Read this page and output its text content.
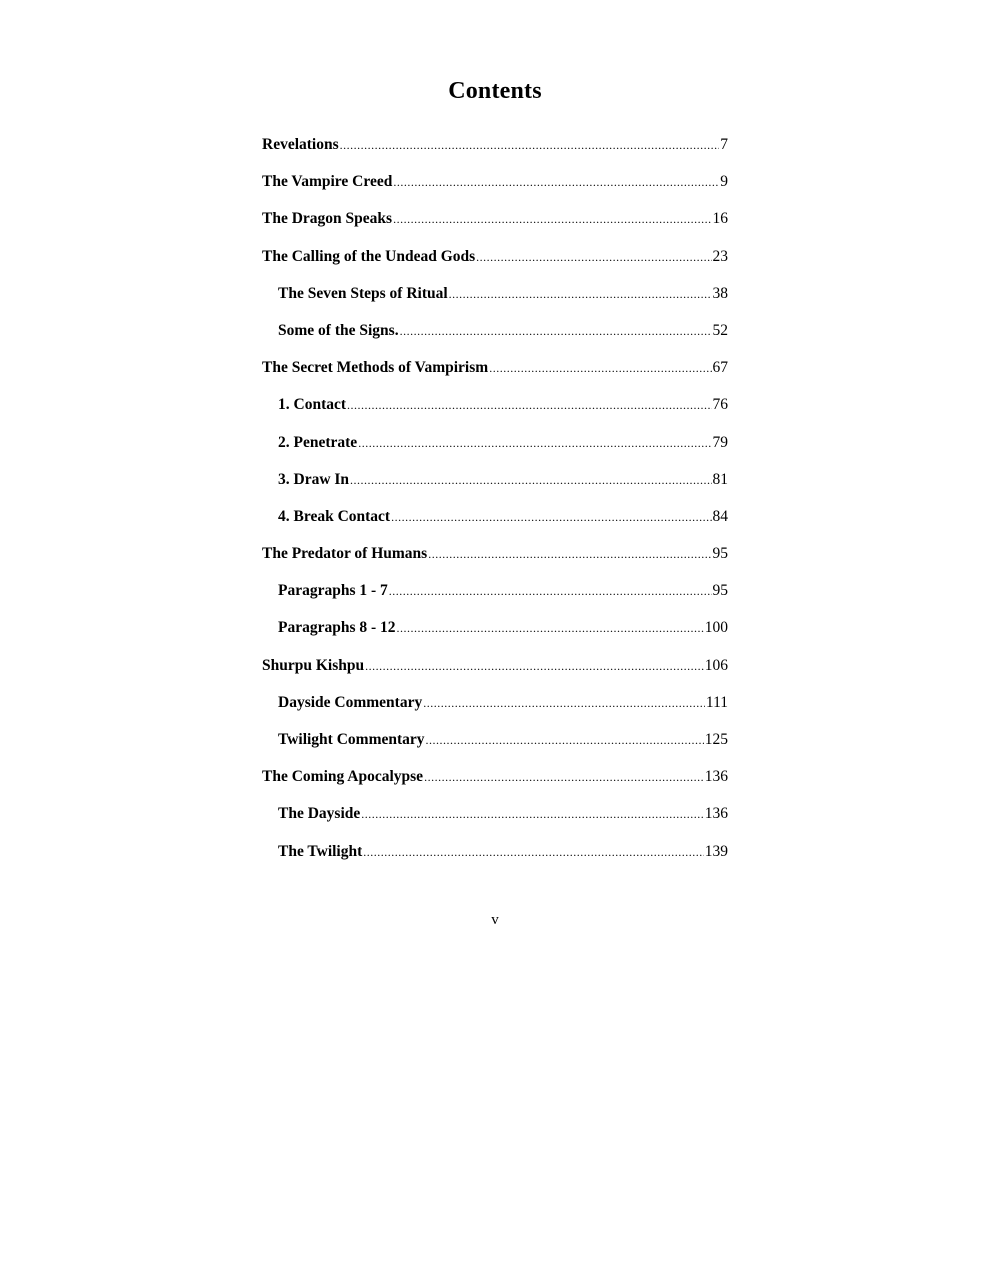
Contents
Revelations .....	7
The Vampire Creed .....	9
The Dragon Speaks .....	16
The Calling of the Undead Gods .....	23
The Seven Steps of Ritual .....	38
Some of the Signs. .....	52
The Secret Methods of Vampirism .....	67
1. Contact .....	76
2. Penetrate .....	79
3. Draw In .....	81
4. Break Contact .....	84
The Predator of Humans .....	95
Paragraphs 1 - 7 .....	95
Paragraphs 8 - 12 .....	100
Shurpu Kishpu .....	106
Dayside Commentary .....	111
Twilight Commentary .....	125
The Coming Apocalypse .....	136
The Dayside .....	136
The Twilight .....	139
v
